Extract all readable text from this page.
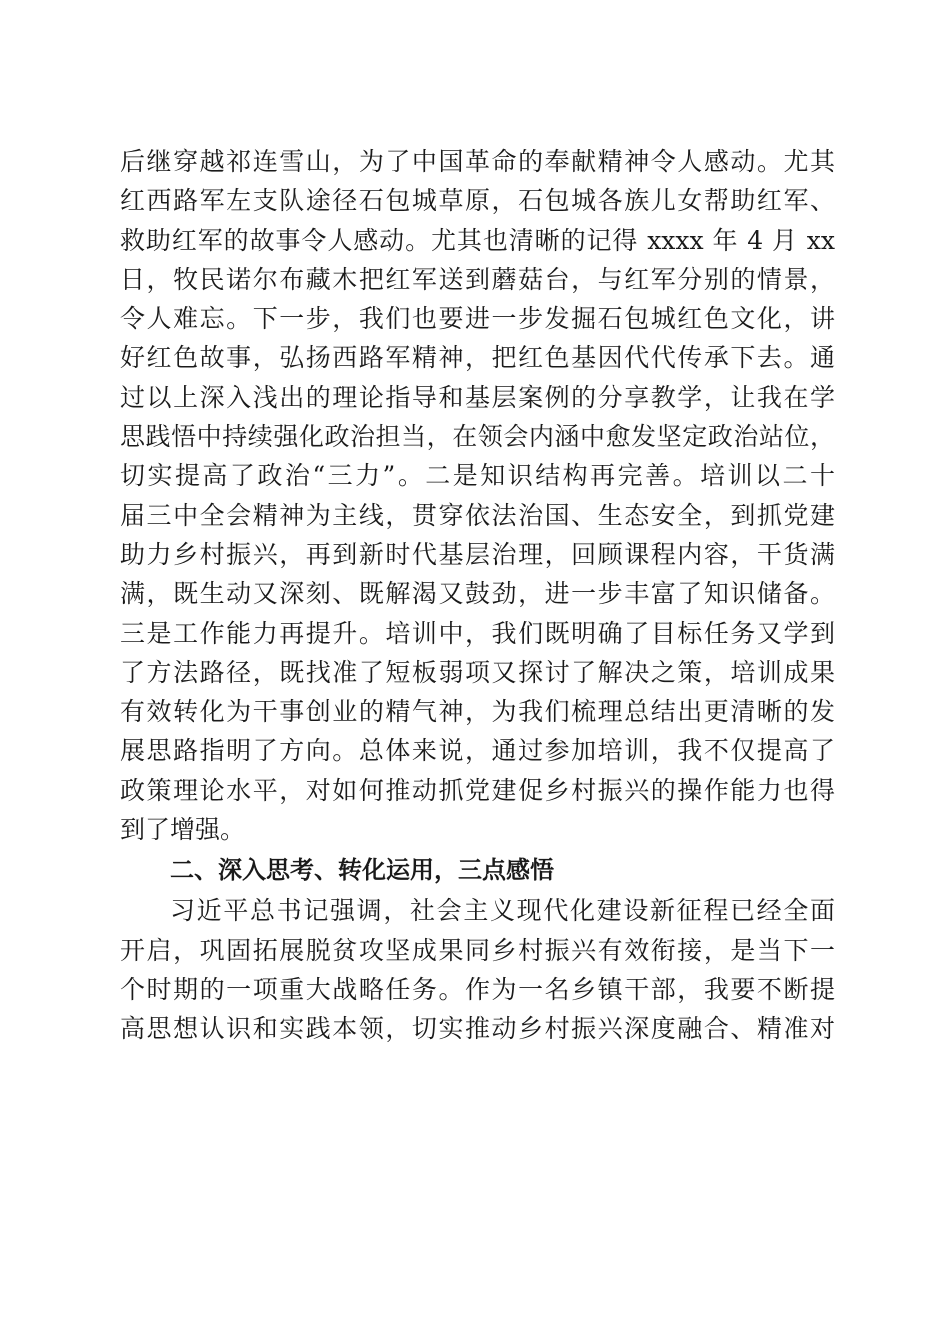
后继穿越祁连雪山，为了中国革命的奉献精神令人感动。尤其
红西路军左支队途径石包城草原，石包城各族儿女帮助红军、
救助红军的故事令人感动。尤其也清晰的记得 xxxx 年 4 月 xx
日，牧民诺尔布藏木把红军送到蘑菇台，与红军分别的情景，
令人难忘。下一步，我们也要进一步发掘石包城红色文化，讲
好红色故事，弘扬西路军精神，把红色基因代代传承下去。通
过以上深入浅出的理论指导和基层案例的分享教学，让我在学
思践悟中持续强化政治担当，在领会内涵中愈发坚定政治站位，
切实提高了政治“三力”。二是知识结构再完善。培训以二十
届三中全会精神为主线，贯穿依法治国、生态安全，到抓党建
助力乡村振兴，再到新时代基层治理，回顾课程内容，干货满
满，既生动又深刻、既解渴又鼓劲，进一步丰富了知识储备。
三是工作能力再提升。培训中，我们既明确了目标任务又学到
了方法路径，既找准了短板弱项又探讨了解决之策，培训成果
有效转化为干事创业的精气神，为我们梳理总结出更清晰的发
展思路指明了方向。总体来说，通过参加培训，我不仅提高了
政策理论水平，对如何推动抓党建促乡村振兴的操作能力也得
到了增强。
二、深入思考、转化运用，三点感悟
习近平总书记强调，社会主义现代化建设新征程已经全面
开启，巩固拓展脱贫攻坚成果同乡村振兴有效衔接，是当下一
个时期的一项重大战略任务。作为一名乡镇干部，我要不断提
高思想认识和实践本领，切实推动乡村振兴深度融合、精准对
